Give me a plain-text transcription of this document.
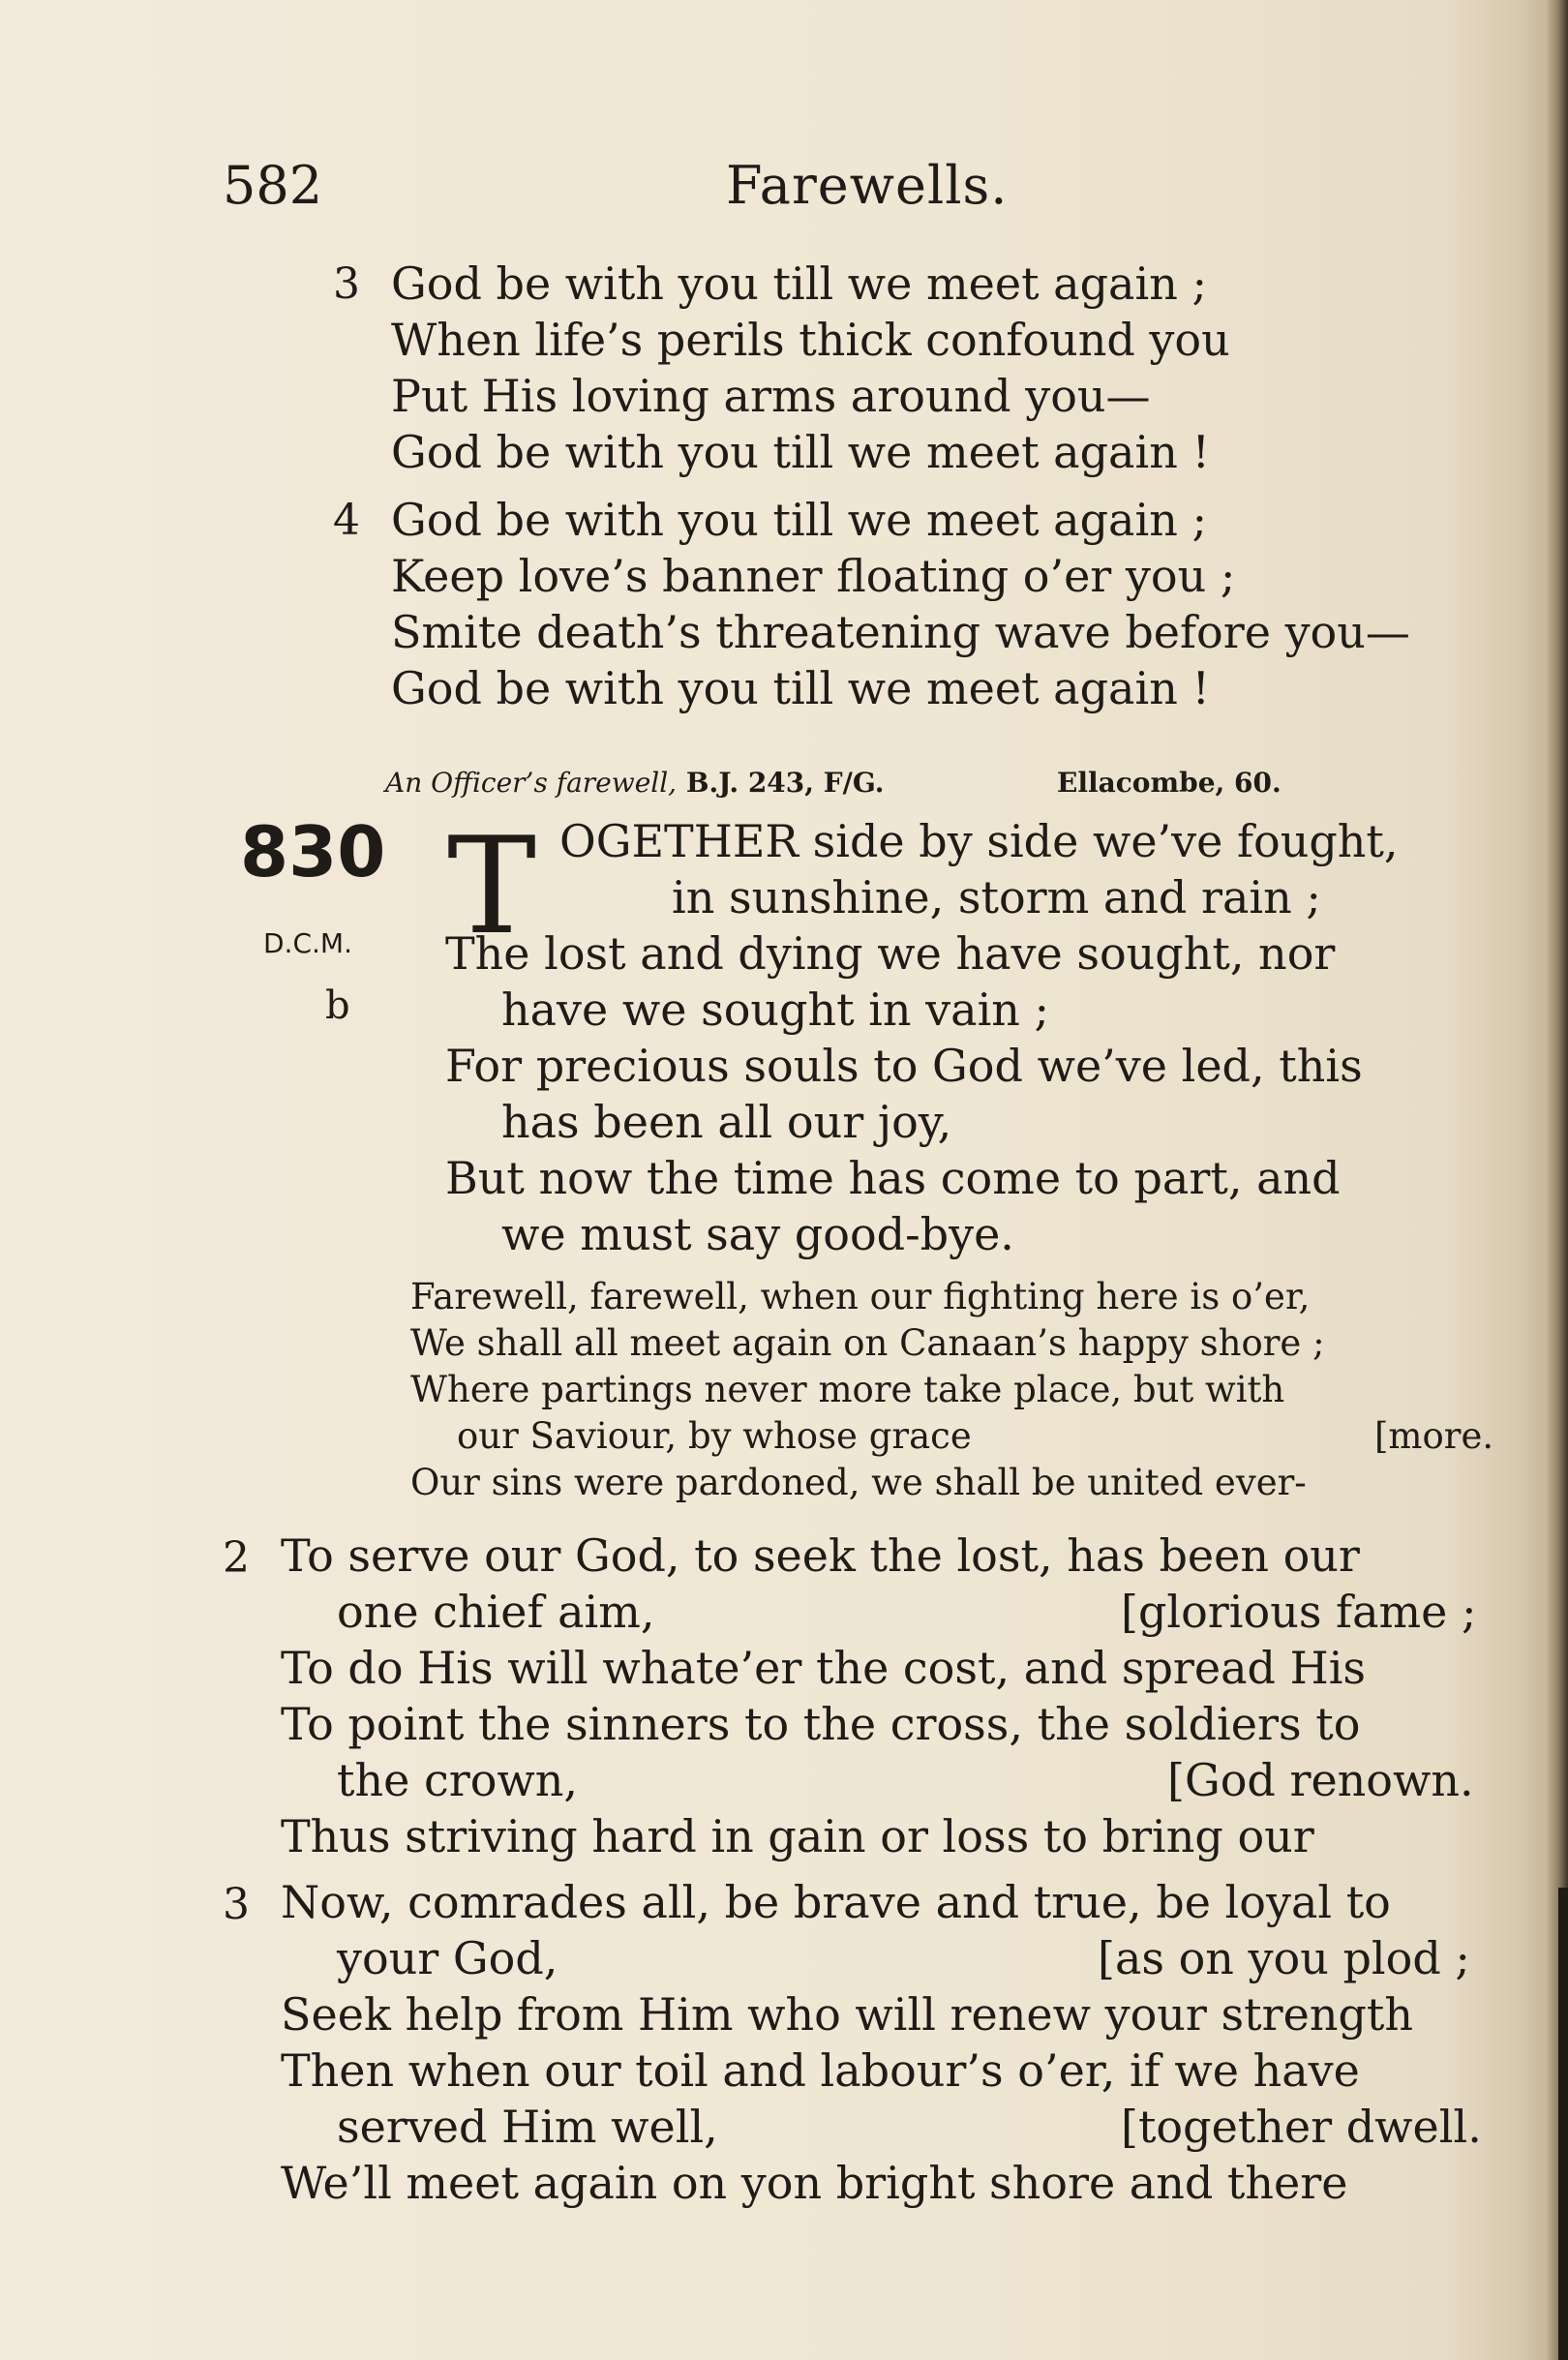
582	Farewells.
3 God be with you till we meet again ;
When life’s perils thick confound you
Put His loving arms around you—
God be with you till we meet again !
4 God be with you till we meet again ;
Keep love’s banner floating o’er you ;
Smite death’s threatening wave before you—
God be with you till we meet again !
An Officer’s farewell, B.J. 243, F/G.	Ellacombe, 60.
830
D.C.M.
b
T OGETHER side by side we’ve fought,
in sunshine, storm and rain ;
The lost and dying we have sought, nor
have we sought in vain ;
For precious souls to God we’ve led, this
has been all our joy,
But now the time has come to part, and
we must say good-bye.
Farewell, farewell, when our fighting here is o’er,
We shall all meet again on Canaan’s happy shore ;
Where partings never more take place, but with
our Saviour, by whose grace	[more.
Our sins were pardoned, we shall be united ever-
2 To serve our God, to seek the lost, has been our
one chief aim,	[glorious fame ;
To do His will whate’er the cost, and spread His
To point the sinners to the cross, the soldiers to
the crown,	[God renown.
Thus striving hard in gain or loss to bring our
3 Now, comrades all, be brave and true, be loyal to
your God,	[as on you plod ;
Seek help from Him who will renew your strength
Then when our toil and labour’s o’er, if we have
served Him well,	[together dwell.
We’ll meet again on yon bright shore and there
